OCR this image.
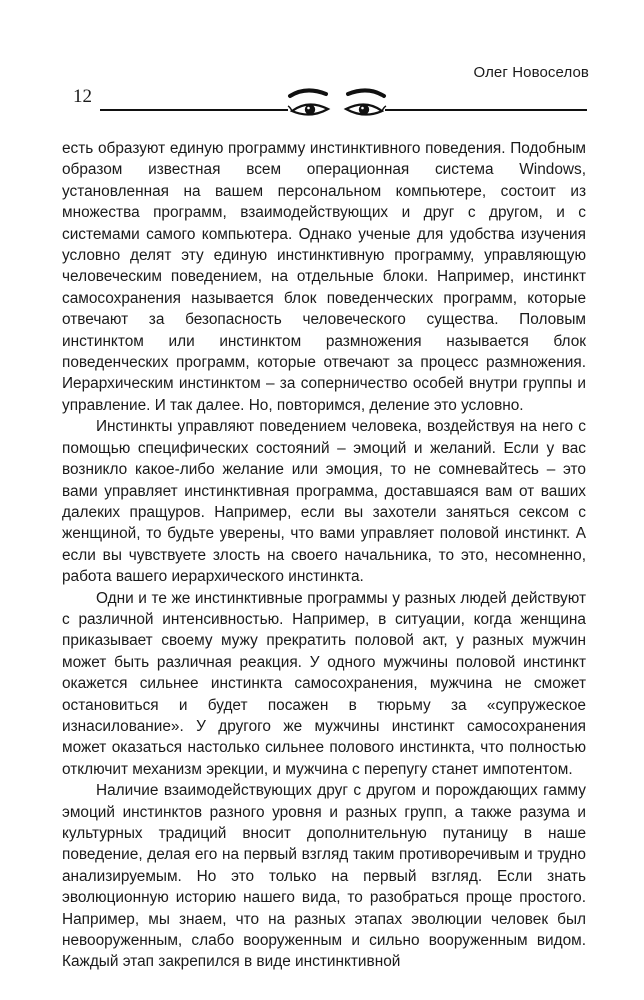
Олег Новоселов
12

есть образуют единую программу инстинктивного поведения. Подобным образом известная всем операционная система Windows, установленная на вашем персональном компьютере, состоит из множества программ, взаимодействующих и друг с другом, и с системами самого компьютера. Однако ученые для удобства изучения условно делят эту единую инстинктивную программу, управляющую человеческим поведением, на отдельные блоки. Например, инстинкт самосохранения называется блок поведенческих программ, которые отвечают за безопасность человеческого существа. Половым инстинктом или инстинктом размножения называется блок поведенческих программ, которые отвечают за процесс размножения. Иерархическим инстинктом – за соперничество особей внутри группы и управление. И так далее. Но, повторимся, деление это условно.

Инстинкты управляют поведением человека, воздействуя на него с помощью специфических состояний – эмоций и желаний. Если у вас возникло какое-либо желание или эмоция, то не сомневайтесь – это вами управляет инстинктивная программа, доставшаяся вам от ваших далеких пращуров. Например, если вы захотели заняться сексом с женщиной, то будьте уверены, что вами управляет половой инстинкт. А если вы чувствуете злость на своего начальника, то это, несомненно, работа вашего иерархического инстинкта.

Одни и те же инстинктивные программы у разных людей действуют с различной интенсивностью. Например, в ситуации, когда женщина приказывает своему мужу прекратить половой акт, у разных мужчин может быть различная реакция. У одного мужчины половой инстинкт окажется сильнее инстинкта самосохранения, мужчина не сможет остановиться и будет посажен в тюрьму за «супружеское изнасилование». У другого же мужчины инстинкт самосохранения может оказаться настолько сильнее полового инстинкта, что полностью отключит механизм эрекции, и мужчина с перепугу станет импотентом.

Наличие взаимодействующих друг с другом и порождающих гамму эмоций инстинктов разного уровня и разных групп, а также разума и культурных традиций вносит дополнительную путаницу в наше поведение, делая его на первый взгляд таким противоречивым и трудно анализируемым. Но это только на первый взгляд. Если знать эволюционную историю нашего вида, то разобраться проще простого. Например, мы знаем, что на разных этапах эволюции человек был невооруженным, слабо вооруженным и сильно вооруженным видом. Каждый этап закрепился в виде инстинктивной
